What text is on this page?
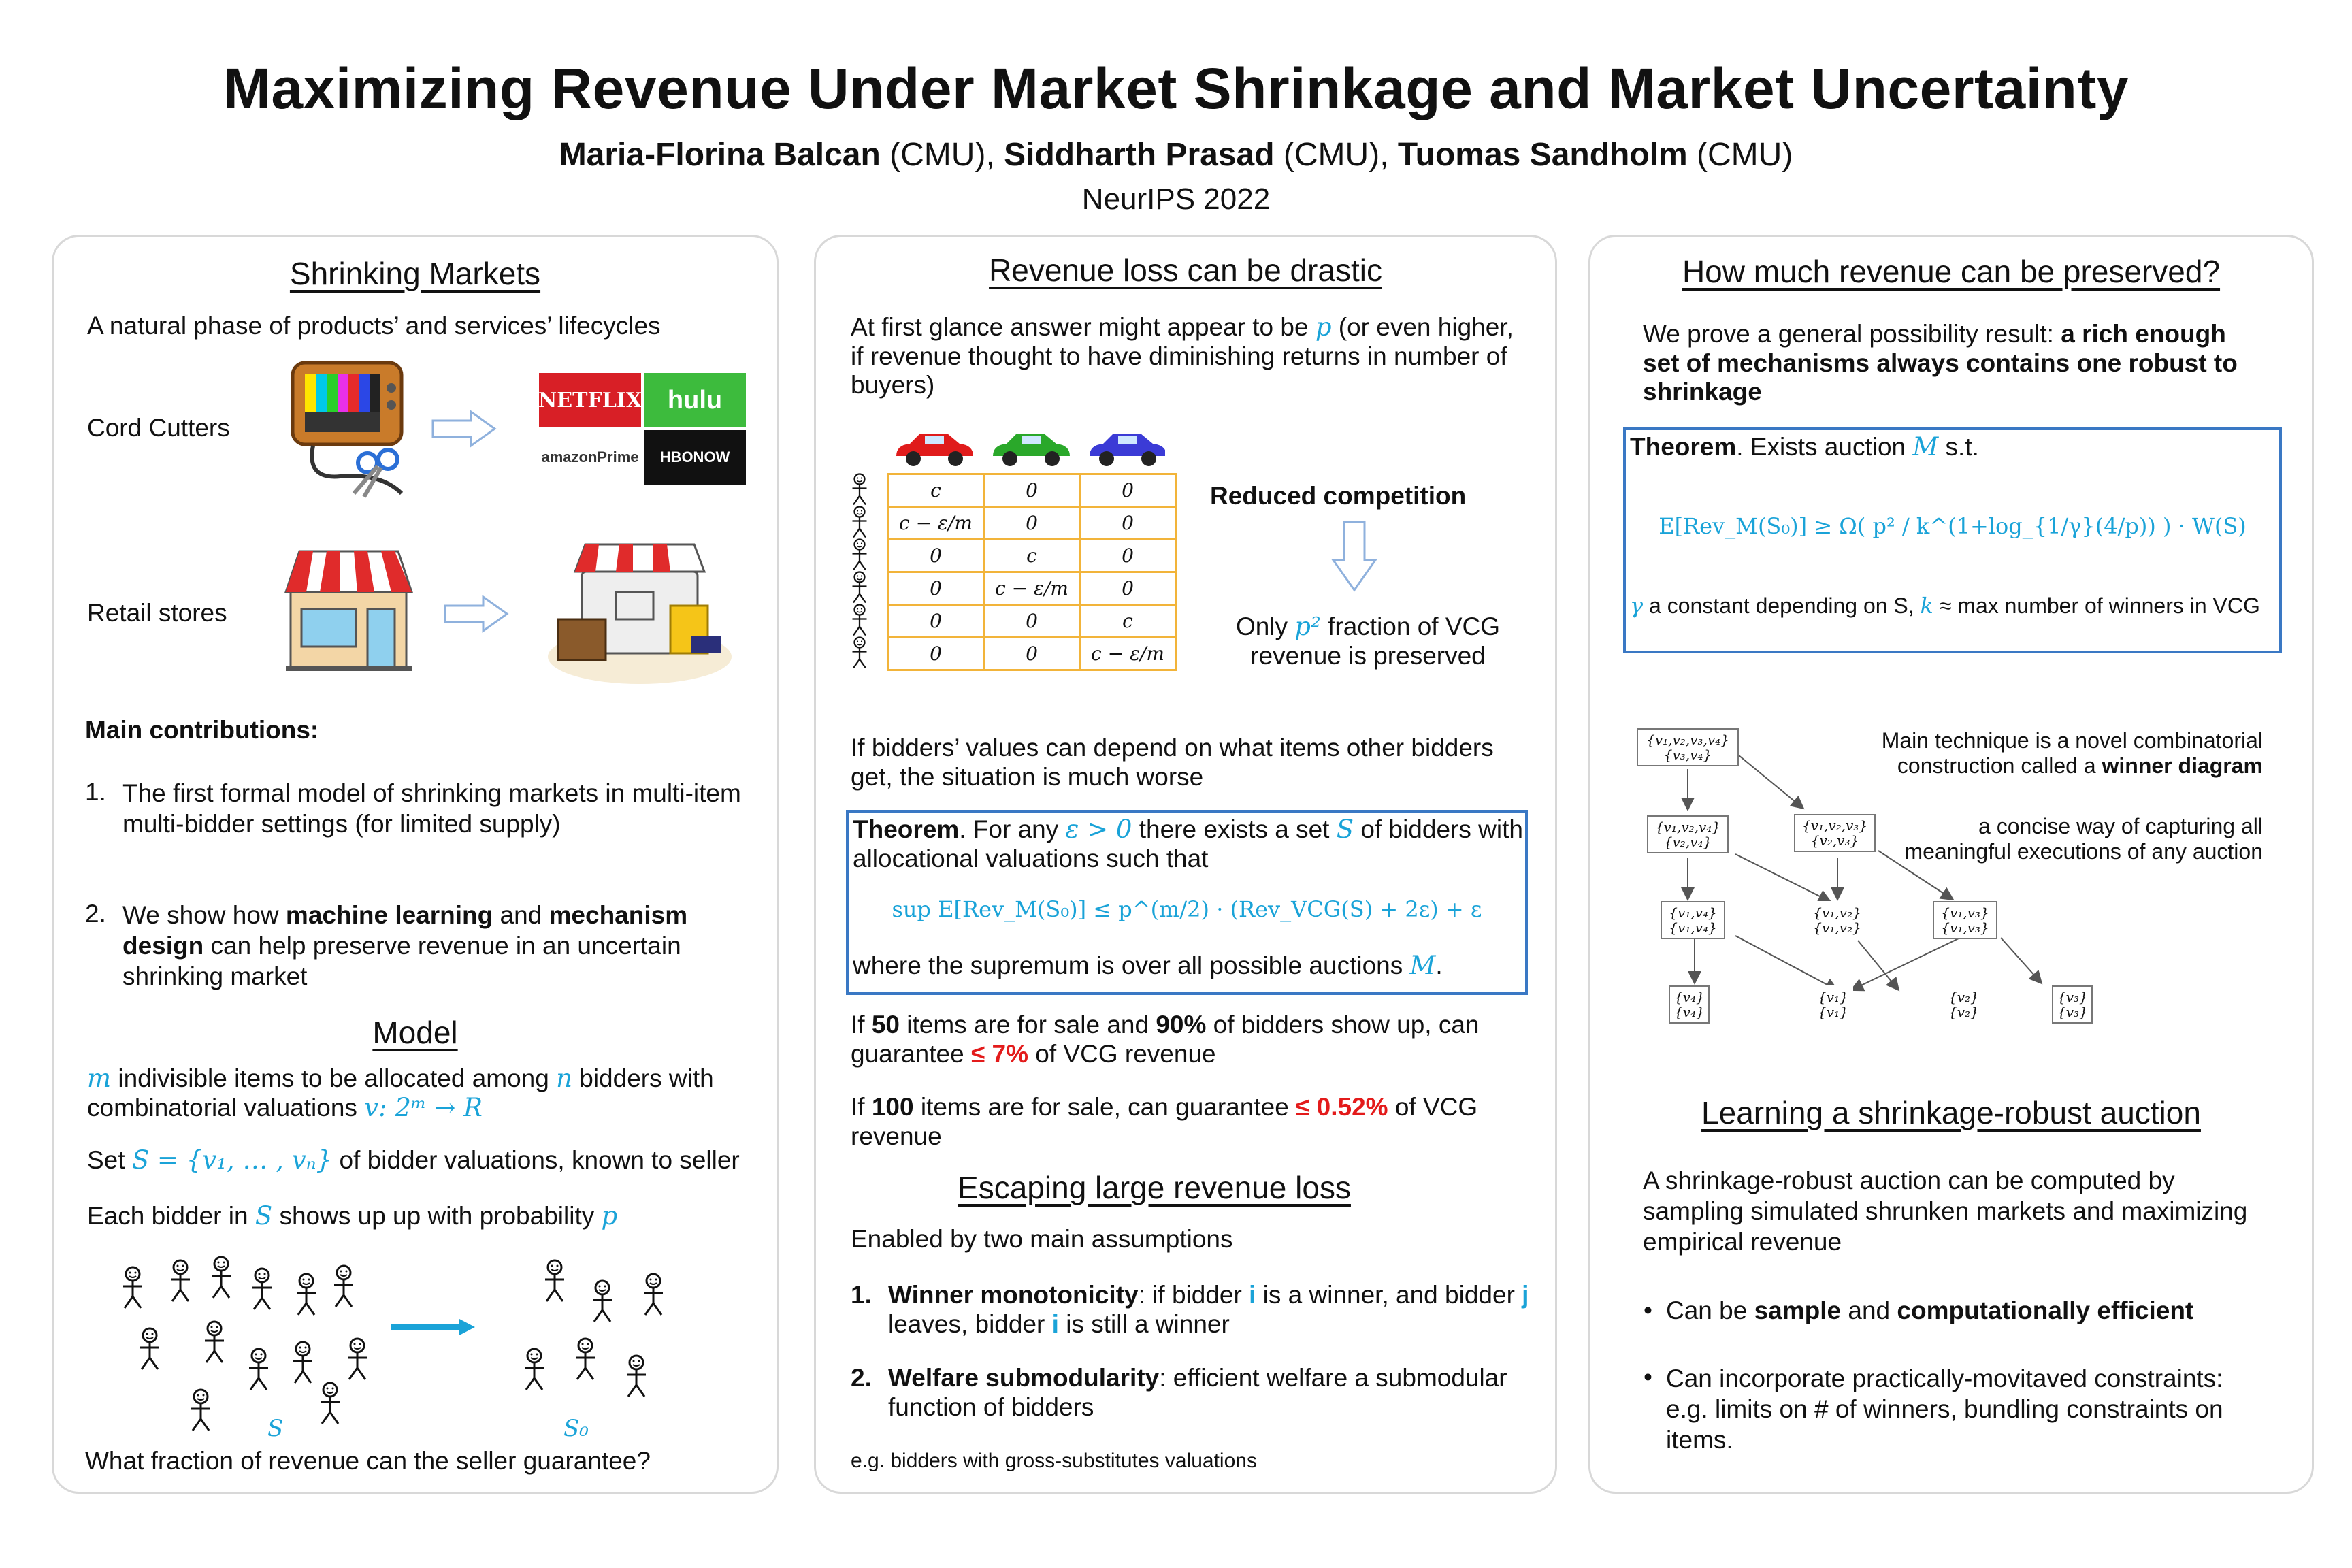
Maximizing Revenue Under Market Shrinkage and Market Uncertainty
Maria-Florina Balcan (CMU), Siddharth Prasad (CMU), Tuomas Sandholm (CMU)
NeurIPS 2022
Shrinking Markets
A natural phase of products’ and services’ lifecycles
Cord Cutters
NETFLIX hulu
amazonPrime	HBONOW
Retail stores
Main contributions:
1. The first formal model of shrinking markets in multi-item multi-bidder settings (for limited supply)
2. We show how machine learning and mechanism design can help preserve revenue in an uncertain shrinking market
Model
m indivisible items to be allocated among n bidders with combinatorial valuations v: 2ᵐ → R
Set S = {v₁, … , vₙ} of bidder valuations, known to seller
Each bidder in S shows up up with probability p
S	S₀
What fraction of revenue can the seller guarantee?
Revenue loss can be drastic
At first glance answer might appear to be p (or even higher, if revenue thought to have diminishing returns in number of buyers)
c	0	0
c − ε/m	0	0
0	c	0
0	c − ε/m	0
0	0	c
0	0	c − ε/m
Reduced competition
Only p² fraction of VCG revenue is preserved
If bidders’ values can depend on what items other bidders get, the situation is much worse
Theorem. For any ε > 0 there exists a set S of bidders with allocational valuations such that
sup E[Rev_M(S₀)] ≤ p^(m/2) · (Rev_VCG(S) + 2ε) + ε
where the supremum is over all possible auctions M.
If 50 items are for sale and 90% of bidders show up, can guarantee ≤ 7% of VCG revenue
If 100 items are for sale, can guarantee ≤ 0.52% of VCG revenue
Escaping large revenue loss
Enabled by two main assumptions
1. Winner monotonicity: if bidder i is a winner, and bidder j leaves, bidder i is still a winner
2. Welfare submodularity: efficient welfare a submodular function of bidders
e.g. bidders with gross-substitutes valuations
How much revenue can be preserved?
We prove a general possibility result: a rich enough set of mechanisms always contains one robust to shrinkage
Theorem. Exists auction M s.t.
E[Rev_M(S₀)] ≥ Ω( p² / k^(1+log_{1/γ}(4/p)) ) · W(S)
γ a constant depending on S, k ≈ max number of winners in VCG
{v₁,v₂,v₃,v₄}
{v₃,v₄}
{v₁,v₂,v₄}
{v₂,v₄}
{v₁,v₂,v₃}
{v₂,v₃}
{v₁,v₄}
{v₁,v₄}
{v₁,v₂}
{v₁,v₂}
{v₁,v₃}
{v₁,v₃}
{v₄}
{v₄}
{v₁}
{v₁}
{v₂}
{v₂}
{v₃}
{v₃}
Main technique is a novel combinatorial construction called a winner diagram
a concise way of capturing all meaningful executions of any auction
Learning a shrinkage-robust auction
A shrinkage-robust auction can be computed by sampling simulated shrunken markets and maximizing empirical revenue
• Can be sample and computationally efficient
• Can incorporate practically-movitaved constraints: e.g. limits on # of winners, bundling constraints on items.
